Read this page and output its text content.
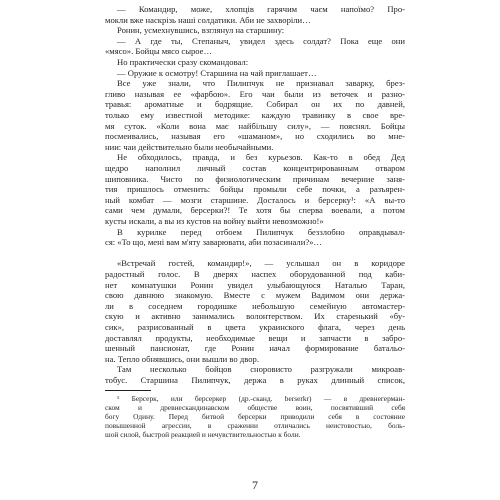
— Командир, може, хлопців гарячим чаєм напоїмо? Про-
мокли вже наскрізь наші солдатики. Аби не захворіли…
Ронин, усмехнувшись, взглянул на старшину:
— А где ты, Степаныч, увидел здесь солдат? Пока еще они
«мясо». Бойцы мясо сырое…
Но практически сразу скомандовал:
— Оружие к осмотру! Старшина на чай приглашает…
Все уже знали, что Пилипчук не признавал заварку, брез-
гливо называя ее «фарбою». Его чаи были из веточек и разно-
травья: ароматные и бодрящие. Собирал он их по давней,
только ему известной методике: каждую травинку в свое вре-
мя суток. «Коли вона має найбільшу силу», — пояснял. Бойцы
посмеивались, называя его «шаманом», но сходились во мне-
нии: чаи действительно были необычайными.
Не обходилось, правда, и без курьезов. Как-то в обед Дед
щедро наполнил личный состав концентрированным отваром
шиповника. Чисто по физиологическим причинам вечерние заня-
тия пришлось отменить: бойцы промыли себе почки, а разъярен-
ный комбат — мозги старшине. Досталось и берсерку¹: «А вы-то
сами чем думали, берсерки?! Те хотя бы сперва воевали, а потом
кусты искали, а вы из кустов на войну выйти невозможно!»
В курилке перед отбоем Пилипчук беззлобно оправдывал-
ся: «То що, мені вам м'яту заварювати, аби позасинали?»…
«Встречай гостей, командир!», — услышал он в коридоре
радостный голос. В дверях наспех оборудованной под каби-
нет комнатушки Ронин увидел улыбающуюся Наталью Таран,
свою давнюю знакомую. Вместе с мужем Вадимом они держа-
ли в соседнем городишке небольшую семейную автомастер-
скую и активно занимались волонтерством. Их старенький «бу-
сик», разрисованный в цвета украинского флага, через день
доставлял продукты, необходимые вещи и запчасти в забро-
шенный пансионат, где Ронин начал формирование батальо-
на. Тепло обнявшись, они вышли во двор.
Там несколько бойцов сноровисто разгружали микроав-
тобус. Старшина Пилипчук, держа в руках длинный список,
¹ Берсерк, или берсеркер (др.-сканд. berserkr) — в древнегерман-
ском и древнескандинавском обществе воин, посвятивший себя
богу Одину. Перед битвой берсерки приводили себя в состояние
повышенной агрессии, в сражении отличались неистовостью, боль-
шой силой, быстрой реакцией и нечувствительностью к боли.
7
